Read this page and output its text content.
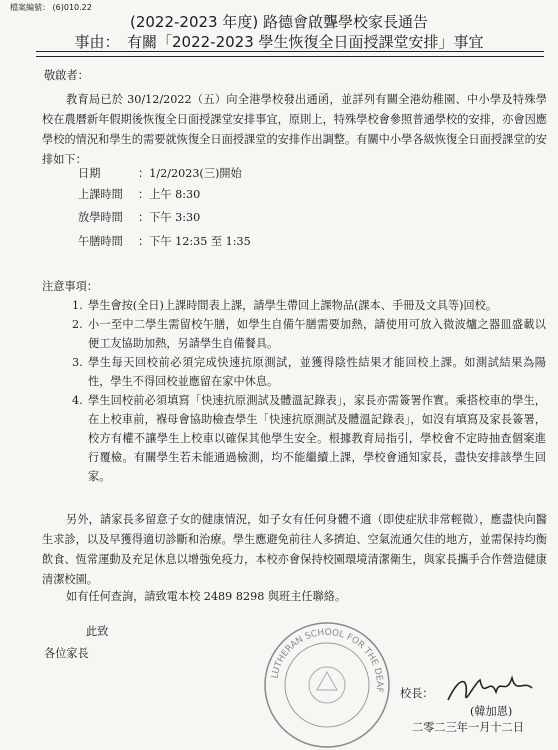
檔案編號： (6)010.22
(2022-2023 年度) 路德會啟聾學校家長通告
事由：　有關「2022-2023 學生恢復全日面授課堂安排」事宜
敬啟者：
教育局已於 30/12/2022（五）向全港學校發出通函，並詳列有關全港幼稚園、中小學及特殊學校在農曆新年假期後恢復全日面授課堂安排事宜，原則上，特殊學校會參照普通學校的安排，亦會因應學校的情況和學生的需要就恢復全日面授課堂的安排作出調整。有關中小學各級恢復全日面授課堂的安排如下：
日期	：1/2/2023(三)開始
上課時間 ：上午 8:30
放學時間 ：下午 3:30
午膳時間 ：下午 12:35 至 1:35
注意事項：
1. 學生會按(全日)上課時間表上課，請學生帶回上課物品(課本、手冊及文具等)回校。
2. 小一至中二學生需留校午膳，如學生自備午膳需要加熱，請使用可放入微波爐之器皿盛載以便工友協助加熱，另請學生自備餐具。
3. 學生每天回校前必須完成快速抗原測試，並獲得陰性結果才能回校上課。如測試結果為陽性，學生不得回校並應留在家中休息。
4. 學生回校前必須填寫「快速抗原測試及體溫記錄表」，家長亦需簽署作實。乘搭校車的學生，在上校車前，褓母會協助檢查學生「快速抗原測試及體溫記錄表」，如沒有填寫及家長簽署，校方有權不讓學生上校車以確保其他學生安全。根據教育局指引，學校會不定時抽查個案進行覆檢。有關學生若未能通過檢測，均不能繼續上課，學校會通知家長，盡快安排該學生回家。
另外，請家長多留意子女的健康情況，如子女有任何身體不適（即使症狀非常輕微），應盡快向醫生求診，以及早獲得適切診斷和治療。學生應避免前往人多擠迫、空氣流通欠佳的地方，並需保持均衡飲食、恆常運動及充足休息以增強免疫力，本校亦會保持校園環境清潔衛生，與家長攜手合作營造健康清潔校園。
如有任何查詢，請致電本校 2489 8298 與班主任聯絡。
此致
各位家長
LUTHERAN SCHOOL FOR THE DEAF 校長：
(韓加恩)
二零二三年一月十二日
